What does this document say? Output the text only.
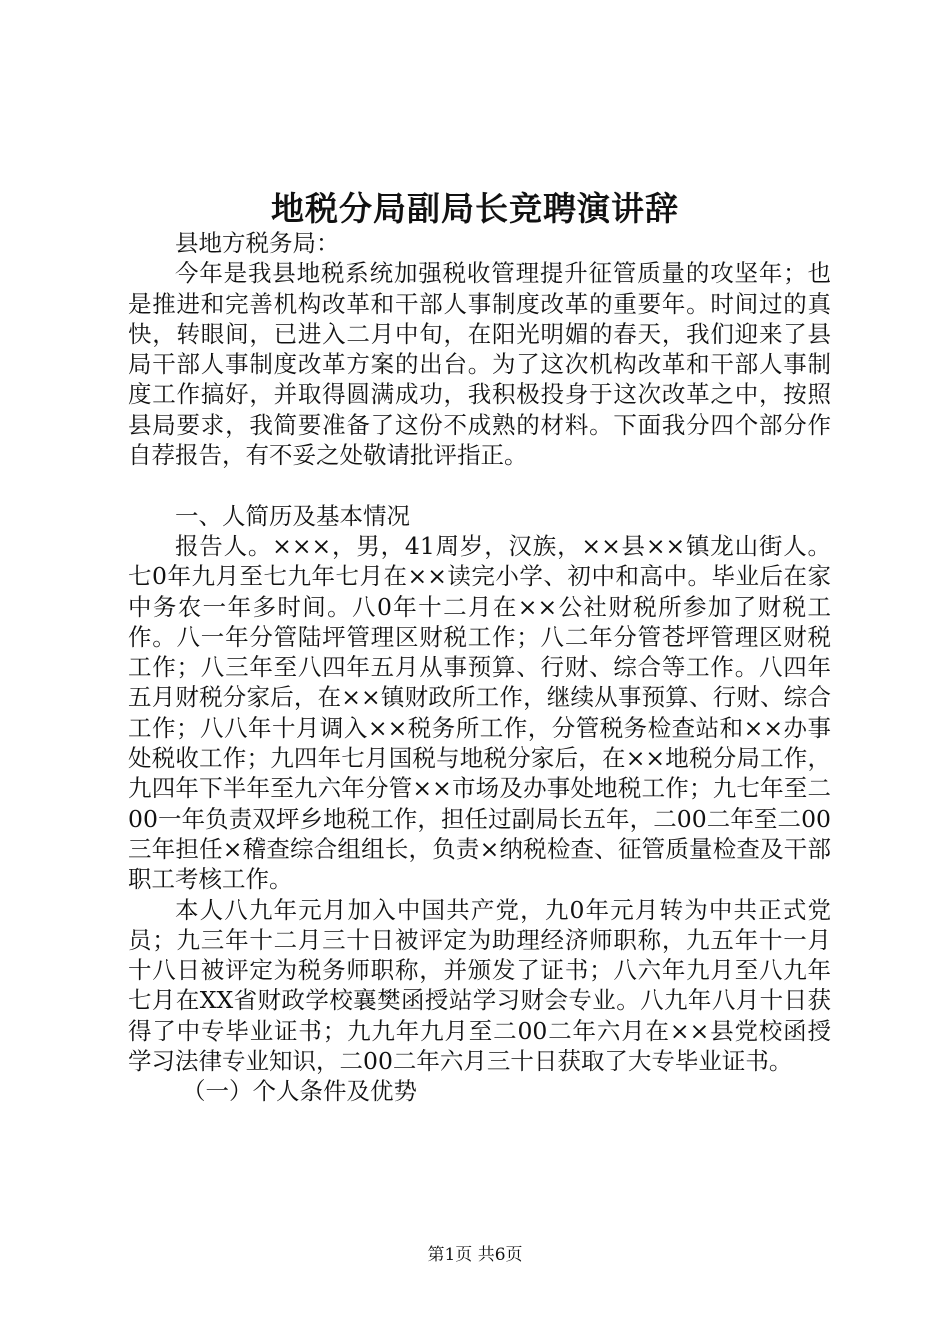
地税分局副局长竞聘演讲辞

县地方税务局：

今年是我县地税系统加强税收管理提升征管质量的攻坚年；也是推进和完善机构改革和干部人事制度改革的重要年。时间过的真快，转眼间，已进入二月中旬，在阳光明媚的春天，我们迎来了县局干部人事制度改革方案的出台。为了这次机构改革和干部人事制度工作搞好，并取得圆满成功，我积极投身于这次改革之中，按照县局要求，我简要准备了这份不成熟的材料。下面我分四个部分作自荐报告，有不妥之处敬请批评指正。

一、人简历及基本情况

报告人。×××，男，41周岁，汉族，××县××镇龙山街人。七0年九月至七九年七月在××读完小学、初中和高中。毕业后在家中务农一年多时间。八0年十二月在××公社财税所参加了财税工作。八一年分管陆坪管理区财税工作；八二年分管苍坪管理区财税工作；八三年至八四年五月从事预算、行财、综合等工作。八四年五月财税分家后，在××镇财政所工作，继续从事预算、行财、综合工作；八八年十月调入××税务所工作，分管税务检查站和××办事处税收工作；九四年七月国税与地税分家后，在××地税分局工作，九四年下半年至九六年分管××市场及办事处地税工作；九七年至二00一年负责双坪乡地税工作，担任过副局长五年，二00二年至二00三年担任×稽查综合组组长，负责×纳税检查、征管质量检查及干部职工考核工作。

本人八九年元月加入中国共产党，九0年元月转为中共正式党员；九三年十二月三十日被评定为助理经济师职称，九五年十一月十八日被评定为税务师职称，并颁发了证书；八六年九月至八九年七月在XX省财政学校襄樊函授站学习财会专业。八九年八月十日获得了中专毕业证书；九九年九月至二00二年六月在××县党校函授学习法律专业知识，二00二年六月三十日获取了大专毕业证书。

（一）个人条件及优势

第1页 共6页
